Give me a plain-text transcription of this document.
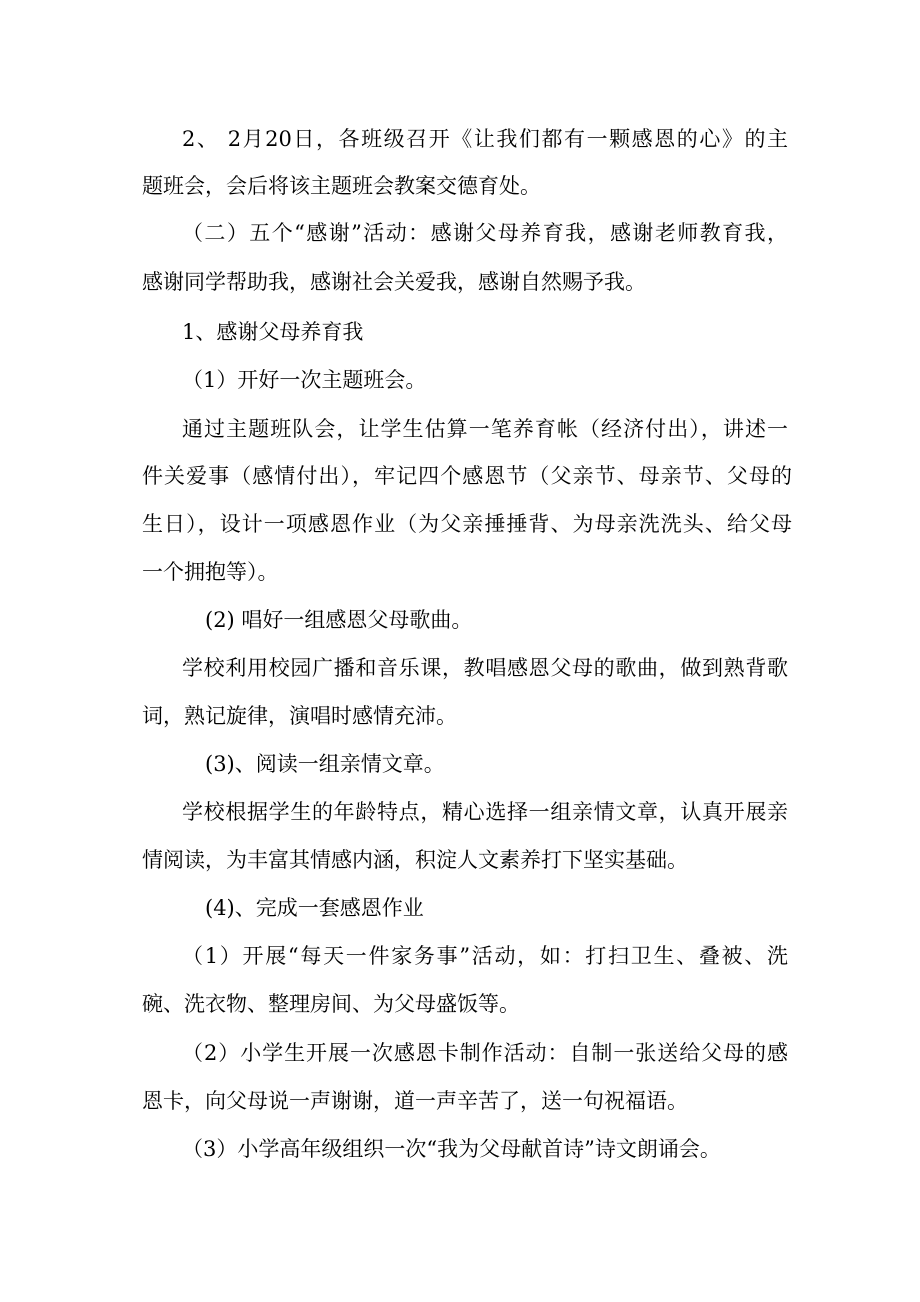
2、 2月20日，各班级召开《让我们都有一颗感恩的心》的主
题班会，会后将该主题班会教案交德育处。
（二）五个“感谢”活动：感谢父母养育我，感谢老师教育我，
感谢同学帮助我，感谢社会关爱我，感谢自然赐予我。
1、感谢父母养育我
（1）开好一次主题班会。
通过主题班队会，让学生估算一笔养育帐（经济付出），讲述一
件关爱事（感情付出），牢记四个感恩节（父亲节、母亲节、父母的
生日），设计一项感恩作业（为父亲捶捶背、为母亲洗洗头、给父母
一个拥抱等）。
(2) 唱好一组感恩父母歌曲。
学校利用校园广播和音乐课，教唱感恩父母的歌曲，做到熟背歌
词，熟记旋律，演唱时感情充沛。
(3)、阅读一组亲情文章。
学校根据学生的年龄特点，精心选择一组亲情文章，认真开展亲
情阅读，为丰富其情感内涵，积淀人文素养打下坚实基础。
(4)、完成一套感恩作业
（1）开展“每天一件家务事”活动，如：打扫卫生、叠被、洗
碗、洗衣物、整理房间、为父母盛饭等。
（2）小学生开展一次感恩卡制作活动：自制一张送给父母的感
恩卡，向父母说一声谢谢，道一声辛苦了，送一句祝福语。
（3）小学高年级组织一次“我为父母献首诗”诗文朗诵会。
